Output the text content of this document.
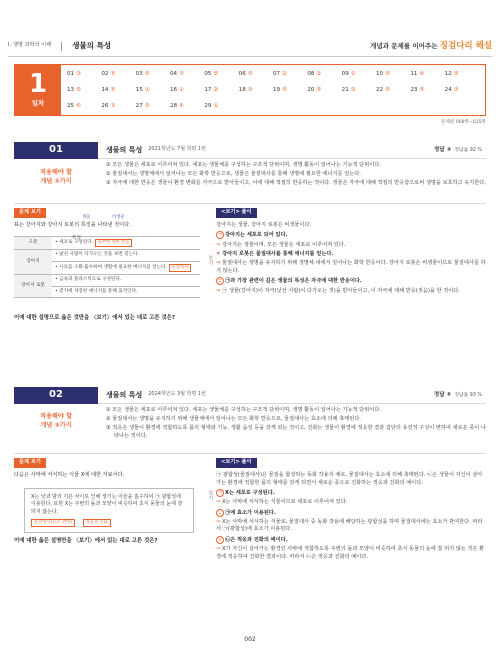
I. 생명 과학의 이해	생물의 특성	개념과 문제를 이어주는 징검다리 해설
1
일차
01 ③	02 ⑤	03 ⑤	04 ⑤	05 ⑤	06 ⑤	07 ②	08 ②	09 ②	10 ⑤	11 ④	12 ⑤
13 ⑤	14 ⑤	15 ①	16 ①	17 ②	18 ③	19 ⑤	20 ⑤	21 ③	22 ⑤	23 ⑤	24 ③
25 ⑥	26 ③	27 ③	28 ④	29 ①
문제편 008쪽~015쪽
01	생물의 특성 2021학년도 7월 학평 1번	정답 ③ 정답률 92 %
적용해야 할
개념 ③가지

① 모든 생물은 세포로 이루어져 있다. 세포는 생물체를 구성하는 구조적 단위이며, 생명 활동이 일어나는 기능적 단위이다.

② 물질대사는 생명체에서 일어나는 모든 화학 반응으로, 생물은 물질대사를 통해 생명에 필요한 에너지를 얻는다.

③ 자극에 대한 반응은 생물이 환경 변화를 자극으로 받아들이고, 이에 대해 적절히 반응하는 것이다. 생물은 자극에 대해 적절히 반응함으로써 생명을 보호하고 유지한다.

문제 보기
표는 강아지와 강아지 로봇의 특징을 나타낸 것이다.
생물	비생물
구분	• 세포로 구성된다. 외부에 대한 반응
강아지	• 낯선 사람이 다가오는 것을 보면 짖는다.
	• 사료를 소화·흡수하여 생활에 필요한 에너지를 얻는다. 물질대사
강아지 로봇	• 금속과 플라스틱으로 구성된다.
	• 전지에 저장된 에너지를 통해 움직인다.
특징
이에 대한 설명으로 옳은 것만을 〈보기〉에서 있는 대로 고른 것은?
보기
<보기> 풀이
강아지는 생물, 강아지 로봇은 비생물이다.
ㄱ 강아지는 세포로 되어 있다.
⇒ 강아지는 생물이며, 모든 생물은 세포로 이루어져 있다.
✕ 강아지 로봇은 물질대사를 통해 에너지를 얻는다.
⇒ 물질대사는 생명을 유지하기 위해 생명체 내에서 일어나는 화학 반응이다. 강아지 로봇은 비생물이므로 물질대사를 하지 않는다.
ㄷ ㉠과 가장 관련이 깊은 생물의 특성은 자극에 대한 반응이다.
⇒ ㉠ 생물(강아지)이 자극(낯선 사람)이 다가오는 것)을 받아들이고, 이 자극에 대해 반응(짖음)을 한 것이다.
02	생물의 특성 2024학년도 3월 학평 1번	정답 ⑤ 정답률 93 %
적용해야 할
개념 ③가지

① 모든 생물은 세포로 이루어져 있다. 세포는 생물체를 구성하는 구조적 단위이며, 생명 활동이 일어나는 기능적 단위이다.

② 물질대사는 생명을 유지하기 위해 생물체에서 일어나는 모든 화학 반응으로, 물질대사는 효소에 의해 촉매된다.

③ 적응은 생물이 환경에 적합하도록 몸의 형태와 기능, 생활 습성 등을 갖게 되는 것이고, 진화는 생물이 환경에 적응한 결과 집단의 유전적 구성이 변하여 새로운 종이 나타나는 것이다.

문제 보기
다음은 사막에 서식하는 식물 X에 대한 자료이다.
X는 낮과 밤의 기온 차이로 인해 생기는 이슬을 흡수하여 ㉠ 광합성에 이용한다. 또한 X는 주변의 돌과 모양이 비슷하여 초식 동물의 눈에 잘 띄지 않는다.
물질대사(효소 관여)	적응과 진화
이에 대한 옳은 설명만을 〈보기〉에서 있는 대로 고른 것은?
보기
<보기> 풀이
㉠ 광합성(물질대사)은 물질을 합성하는 동화 작용의 예로, 물질대사는 효소에 의해 촉매된다. ㉡은 생물이 자신이 살아가는 환경에 적합한 몸의 형태를 갖게 되면서 새로운 종으로 진화하는 적응과 진화의 예이다.
ㄱ X는 세포로 구성된다.
⇒ X는 사막에 서식하는 식물이므로 세포로 이루어져 있다.
ㄴ ㉠에 효소가 이용된다.
⇒ X는 사막에 서식하는 식물로, 물질대사 중 동화 작용에 해당하는 광합성을 하며 물질대사에는 효소가 관여한다. 따라서 ㉠(광합성)에 효소가 이용된다.
ㄷ ㉡은 적응과 진화의 예이다.
⇒ X가 자신이 살아가는 환경인 사막에 적합하도록 주변의 돌과 모양이 비슷하여 초식 동물의 눈에 잘 띄지 않는 것은 환경에 적응하여 진화한 결과이다. 따라서 ㉡은 적응과 진화의 예이다.
002
